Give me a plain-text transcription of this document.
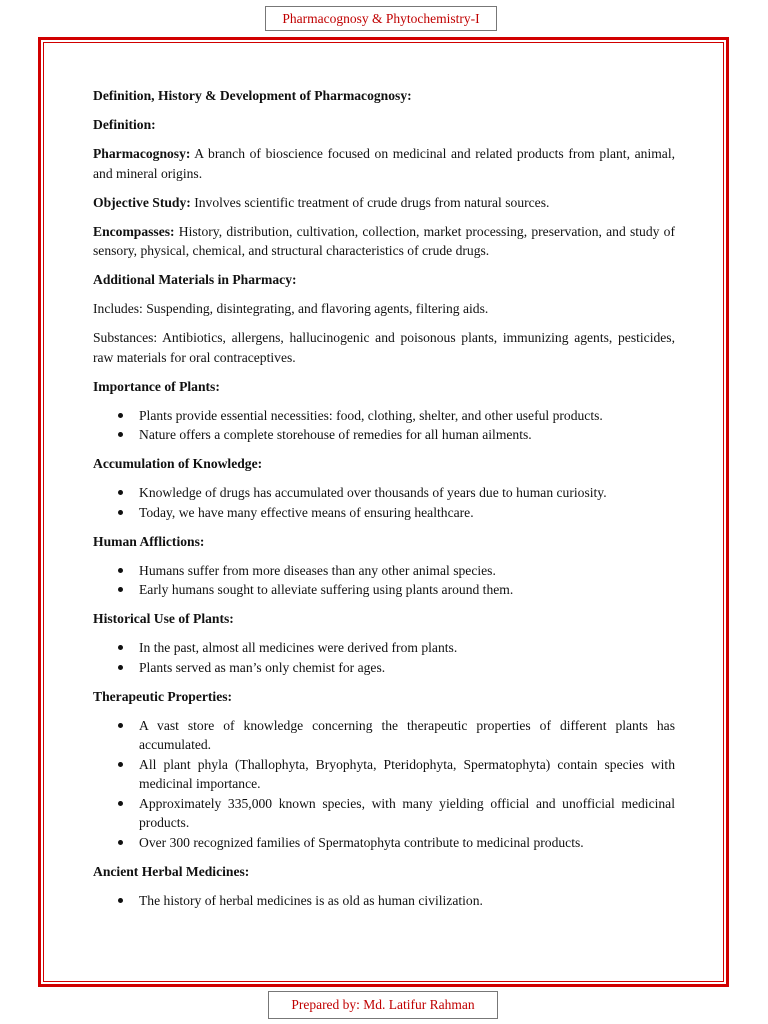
Pharmacognosy & Phytochemistry-I
Definition, History & Development of Pharmacognosy:
Definition:

Pharmacognosy: A branch of bioscience focused on medicinal and related products from plant, animal, and mineral origins.

Objective Study: Involves scientific treatment of crude drugs from natural sources.

Encompasses: History, distribution, cultivation, collection, market processing, preservation, and study of sensory, physical, chemical, and structural characteristics of crude drugs.

Additional Materials in Pharmacy:

Includes: Suspending, disintegrating, and flavoring agents, filtering aids.

Substances: Antibiotics, allergens, hallucinogenic and poisonous plants, immunizing agents, pesticides, raw materials for oral contraceptives.

Importance of Plants:
Plants provide essential necessities: food, clothing, shelter, and other useful products.
Nature offers a complete storehouse of remedies for all human ailments.
Accumulation of Knowledge:
Knowledge of drugs has accumulated over thousands of years due to human curiosity.
Today, we have many effective means of ensuring healthcare.
Human Afflictions:
Humans suffer from more diseases than any other animal species.
Early humans sought to alleviate suffering using plants around them.
Historical Use of Plants:
In the past, almost all medicines were derived from plants.
Plants served as man’s only chemist for ages.
Therapeutic Properties:
A vast store of knowledge concerning the therapeutic properties of different plants has accumulated.
All plant phyla (Thallophyta, Bryophyta, Pteridophyta, Spermatophyta) contain species with medicinal importance.
Approximately 335,000 known species, with many yielding official and unofficial medicinal products.
Over 300 recognized families of Spermatophyta contribute to medicinal products.
Ancient Herbal Medicines:
The history of herbal medicines is as old as human civilization.
Prepared by: Md. Latifur Rahman
